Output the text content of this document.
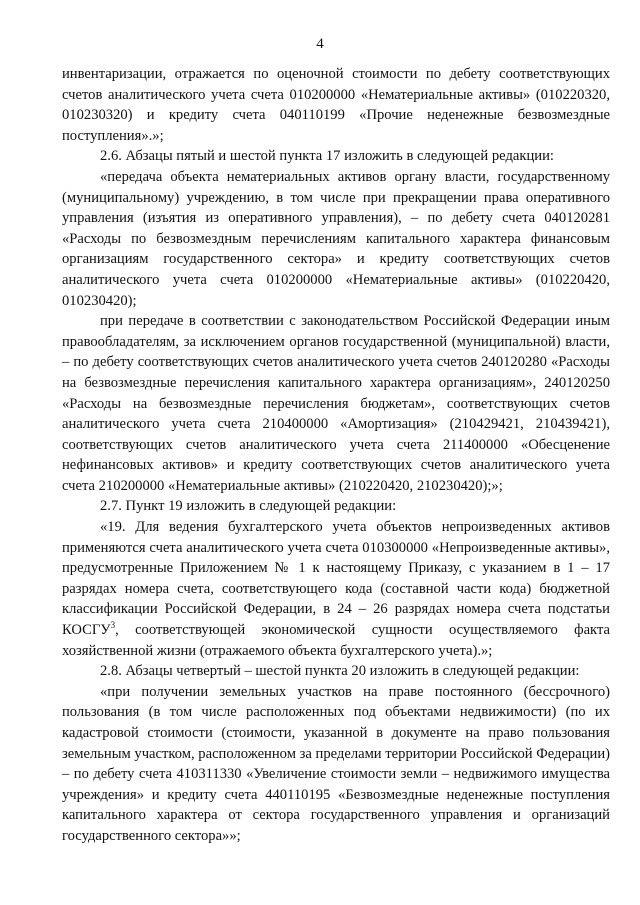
4

инвентаризации, отражается по оценочной стоимости по дебету соответствующих счетов аналитического учета счета 010200000 «Нематериальные активы» (010220320, 010230320) и кредиту счета 040110199 «Прочие неденежные безвозмездные поступления».»;

2.6. Абзацы пятый и шестой пункта 17 изложить в следующей редакции:

«передача объекта нематериальных активов органу власти, государственному (муниципальному) учреждению, в том числе при прекращении права оперативного управления (изъятия из оперативного управления), – по дебету счета 040120281 «Расходы по безвозмездным перечислениям капитального характера финансовым организациям государственного сектора» и кредиту соответствующих счетов аналитического учета счета 010200000 «Нематериальные активы» (010220420, 010230420);

при передаче в соответствии с законодательством Российской Федерации иным правообладателям, за исключением органов государственной (муниципальной) власти, – по дебету соответствующих счетов аналитического учета счетов 240120280 «Расходы на безвозмездные перечисления капитального характера организациям», 240120250 «Расходы на безвозмездные перечисления бюджетам», соответствующих счетов аналитического учета счета 210400000 «Амортизация» (210429421, 210439421), соответствующих счетов аналитического учета счета 211400000 «Обесценение нефинансовых активов» и кредиту соответствующих счетов аналитического учета счета 210200000 «Нематериальные активы» (210220420, 210230420);»;

2.7. Пункт 19 изложить в следующей редакции:

«19. Для ведения бухгалтерского учета объектов непроизведенных активов применяются счета аналитического учета счета 010300000 «Непроизведенные активы», предусмотренные Приложением № 1 к настоящему Приказу, с указанием в 1 – 17 разрядах номера счета, соответствующего кода (составной части кода) бюджетной классификации Российской Федерации, в 24 – 26 разрядах номера счета подстатьи КОСГУ$^3$, соответствующей экономической сущности осуществляемого факта хозяйственной жизни (отражаемого объекта бухгалтерского учета).»;

2.8. Абзацы четвертый – шестой пункта 20 изложить в следующей редакции:

«при получении земельных участков на праве постоянного (бессрочного) пользования (в том числе расположенных под объектами недвижимости) (по их кадастровой стоимости (стоимости, указанной в документе на право пользования земельным участком, расположенном за пределами территории Российской Федерации) – по дебету счета 410311330 «Увеличение стоимости земли – недвижимого имущества учреждения» и кредиту счета 440110195 «Безвозмездные неденежные поступления капитального характера от сектора государственного управления и организаций государственного сектора»»;
